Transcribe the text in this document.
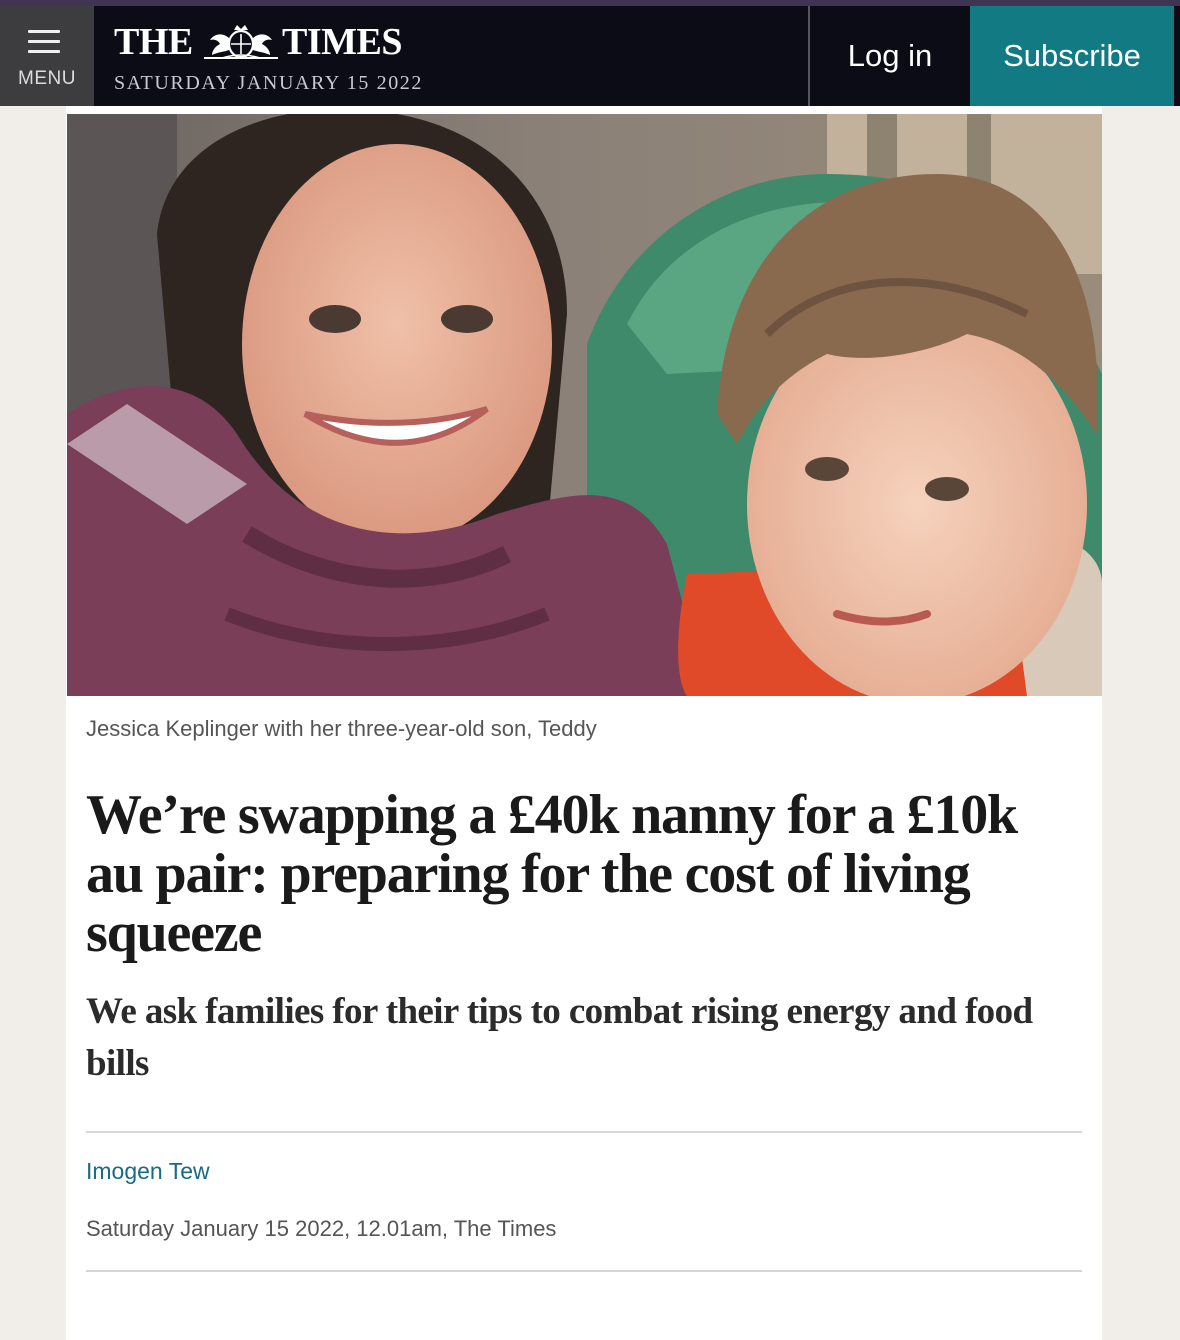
MENU
THE TIMES
SATURDAY JANUARY 15 2022
Log in	Subscribe
Jessica Keplinger with her three-year-old son, Teddy
We’re swapping a £40k nanny for a £10k au pair: preparing for the cost of living squeeze
We ask families for their tips to combat rising energy and food bills
Imogen Tew
Saturday January 15 2022, 12.01am, The Times
